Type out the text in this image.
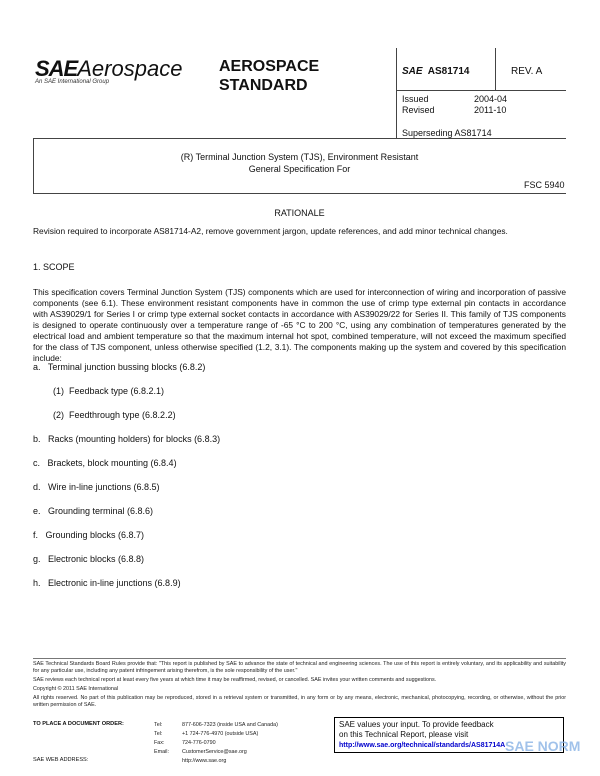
SAEAerospace
An SAE International Group
AEROSPACE
STANDARD
SAE AS81714	REV. A
Issued	2004-04
Revised	2011-10
Superseding AS81714
(R) Terminal Junction System (TJS), Environment Resistant
General Specification For
FSC 5940
RATIONALE
Revision required to incorporate AS81714-A2, remove government jargon, update references, and add minor technical changes.
1. SCOPE
This specification covers Terminal Junction System (TJS) components which are used for interconnection of wiring and incorporation of passive components (see 6.1). These environment resistant components have in common the use of crimp type external pin contacts in accordance with AS39029/1 for Series I or crimp type external socket contacts in accordance with AS39029/22 for Series II. This family of TJS components is designed to operate continuously over a temperature range of -65 °C to 200 °C, using any combination of temperatures generated by the electrical load and ambient temperature so that the maximum internal hot spot, combined temperature, will not exceed the maximum specified for the class of TJS component, unless otherwise specified (1.2, 3.1). The components making up the system and covered by this specification include:
a.   Terminal junction bussing blocks (6.8.2)
(1)  Feedback type (6.8.2.1)
(2)  Feedthrough type (6.8.2.2)
b.   Racks (mounting holders) for blocks (6.8.3)
c.   Brackets, block mounting (6.8.4)
d.   Wire in-line junctions (6.8.5)
e.   Grounding terminal (6.8.6)
f.   Grounding blocks (6.8.7)
g.   Electronic blocks (6.8.8)
h.   Electronic in-line junctions (6.8.9)
SAE Technical Standards Board Rules provide that: "This report is published by SAE to advance the state of technical and engineering sciences. The use of this report is entirely voluntary, and its applicability and suitability for any particular use, including any patent infringement arising therefrom, is the sole responsibility of the user."
SAE reviews each technical report at least every five years at which time it may be reaffirmed, revised, or cancelled. SAE invites your written comments and suggestions.
Copyright © 2011 SAE International
All rights reserved. No part of this publication may be reproduced, stored in a retrieval system or transmitted, in any form or by any means, electronic, mechanical, photocopying, recording, or otherwise, without the prior written permission of SAE.
TO PLACE A DOCUMENT ORDER:
SAE WEB ADDRESS:
Tel:	877-606-7323 (inside USA and Canada)
Tel:	+1 724-776-4970 (outside USA)
Fax:	724-776-0790
Email: CustomerService@sae.org
http://www.sae.org
SAE values your input. To provide feedback
on this Technical Report, please visit
http://www.sae.org/technical/standards/AS81714A SAE NORM
